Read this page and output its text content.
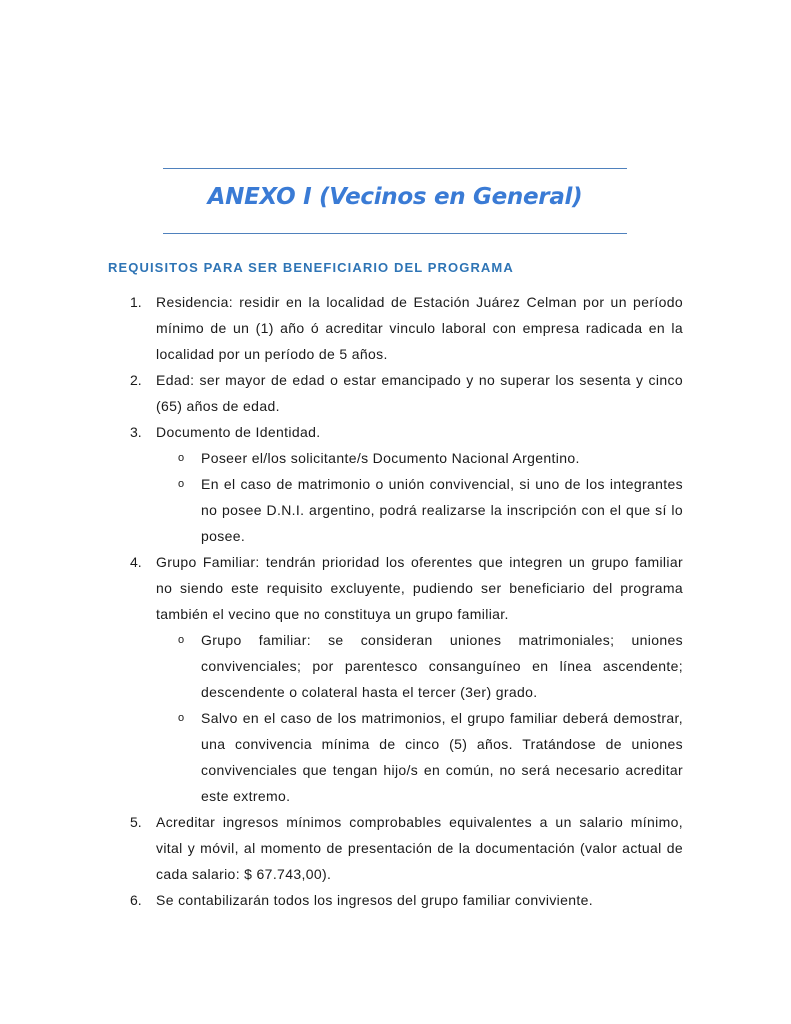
ANEXO I (Vecinos en General)
REQUISITOS PARA SER BENEFICIARIO DEL PROGRAMA
1. Residencia: residir en la localidad de Estación Juárez Celman por un período mínimo de un (1) año ó acreditar vinculo laboral con empresa radicada en la localidad por un período de 5 años.
2. Edad: ser mayor de edad o estar emancipado y no superar los sesenta y cinco (65) años de edad.
3. Documento de Identidad.
o Poseer el/los solicitante/s Documento Nacional Argentino.
o En el caso de matrimonio o unión convivencial, si uno de los integrantes no posee D.N.I. argentino, podrá realizarse la inscripción con el que sí lo posee.
4. Grupo Familiar: tendrán prioridad los oferentes que integren un grupo familiar no siendo este requisito excluyente, pudiendo ser beneficiario del programa también el vecino que no constituya un grupo familiar.
o Grupo familiar: se consideran uniones matrimoniales; uniones convivenciales; por parentesco consanguíneo en línea ascendente; descendente o colateral hasta el tercer (3er) grado.
o Salvo en el caso de los matrimonios, el grupo familiar deberá demostrar, una convivencia mínima de cinco (5) años. Tratándose de uniones convivenciales que tengan hijo/s en común, no será necesario acreditar este extremo.
5. Acreditar ingresos mínimos comprobables equivalentes a un salario mínimo, vital y móvil, al momento de presentación de la documentación (valor actual de cada salario: $ 67.743,00).
6. Se contabilizarán todos los ingresos del grupo familiar conviviente.
